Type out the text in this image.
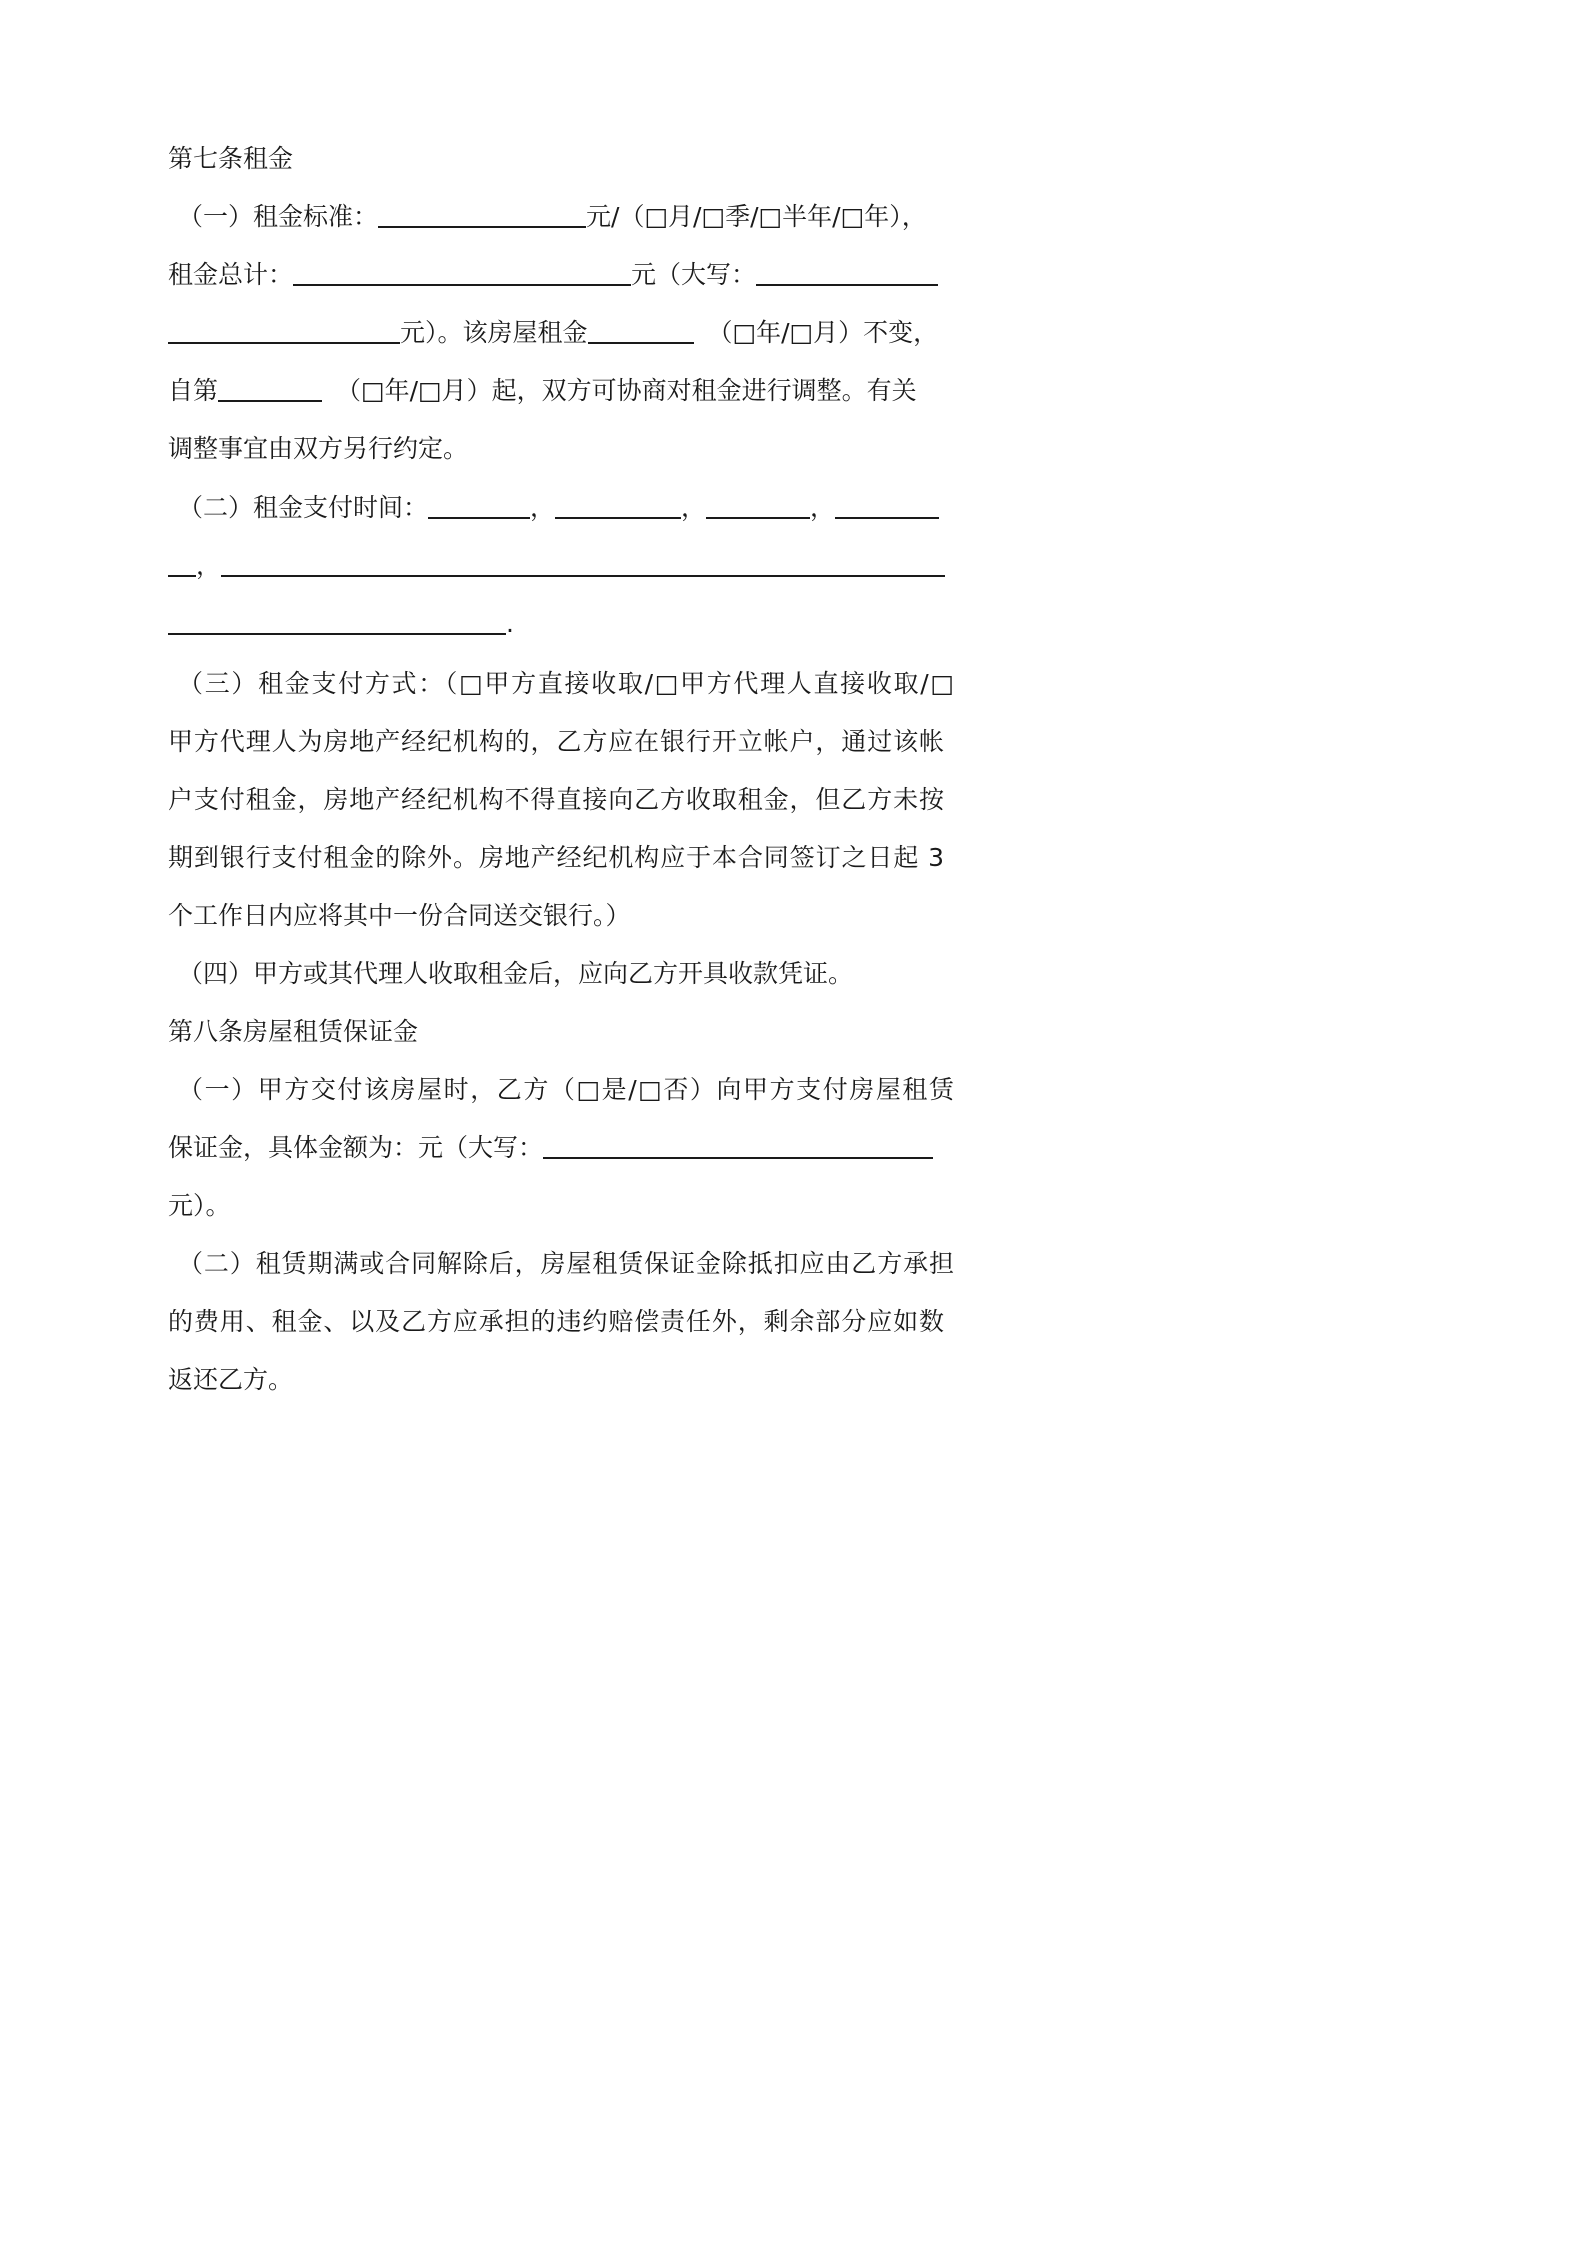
第七条租金
（一）租金标准：	元/（□月/□季/□半年/□年），
租金总计：	元（大写：
元）。该房屋租金	（□年/□月）不变，
自第	（□年/□月）起，双方可协商对租金进行调整。有关
调整事宜由双方另行约定。
（二）租金支付时间：	，	，	，
，
.
（三）租金支付方式：（□甲方直接收取/□甲方代理人直接收取/□
甲方代理人为房地产经纪机构的，乙方应在银行开立帐户，通过该帐
户支付租金，房地产经纪机构不得直接向乙方收取租金，但乙方未按
期到银行支付租金的除外。房地产经纪机构应于本合同签订之日起 3
个工作日内应将其中一份合同送交银行。）
（四）甲方或其代理人收取租金后，应向乙方开具收款凭证。
第八条房屋租赁保证金
（一）甲方交付该房屋时，乙方（□是/□否）向甲方支付房屋租赁
保证金，具体金额为：元（大写：
元）。
（二）租赁期满或合同解除后，房屋租赁保证金除抵扣应由乙方承担
的费用、租金、以及乙方应承担的违约赔偿责任外，剩余部分应如数
返还乙方。
